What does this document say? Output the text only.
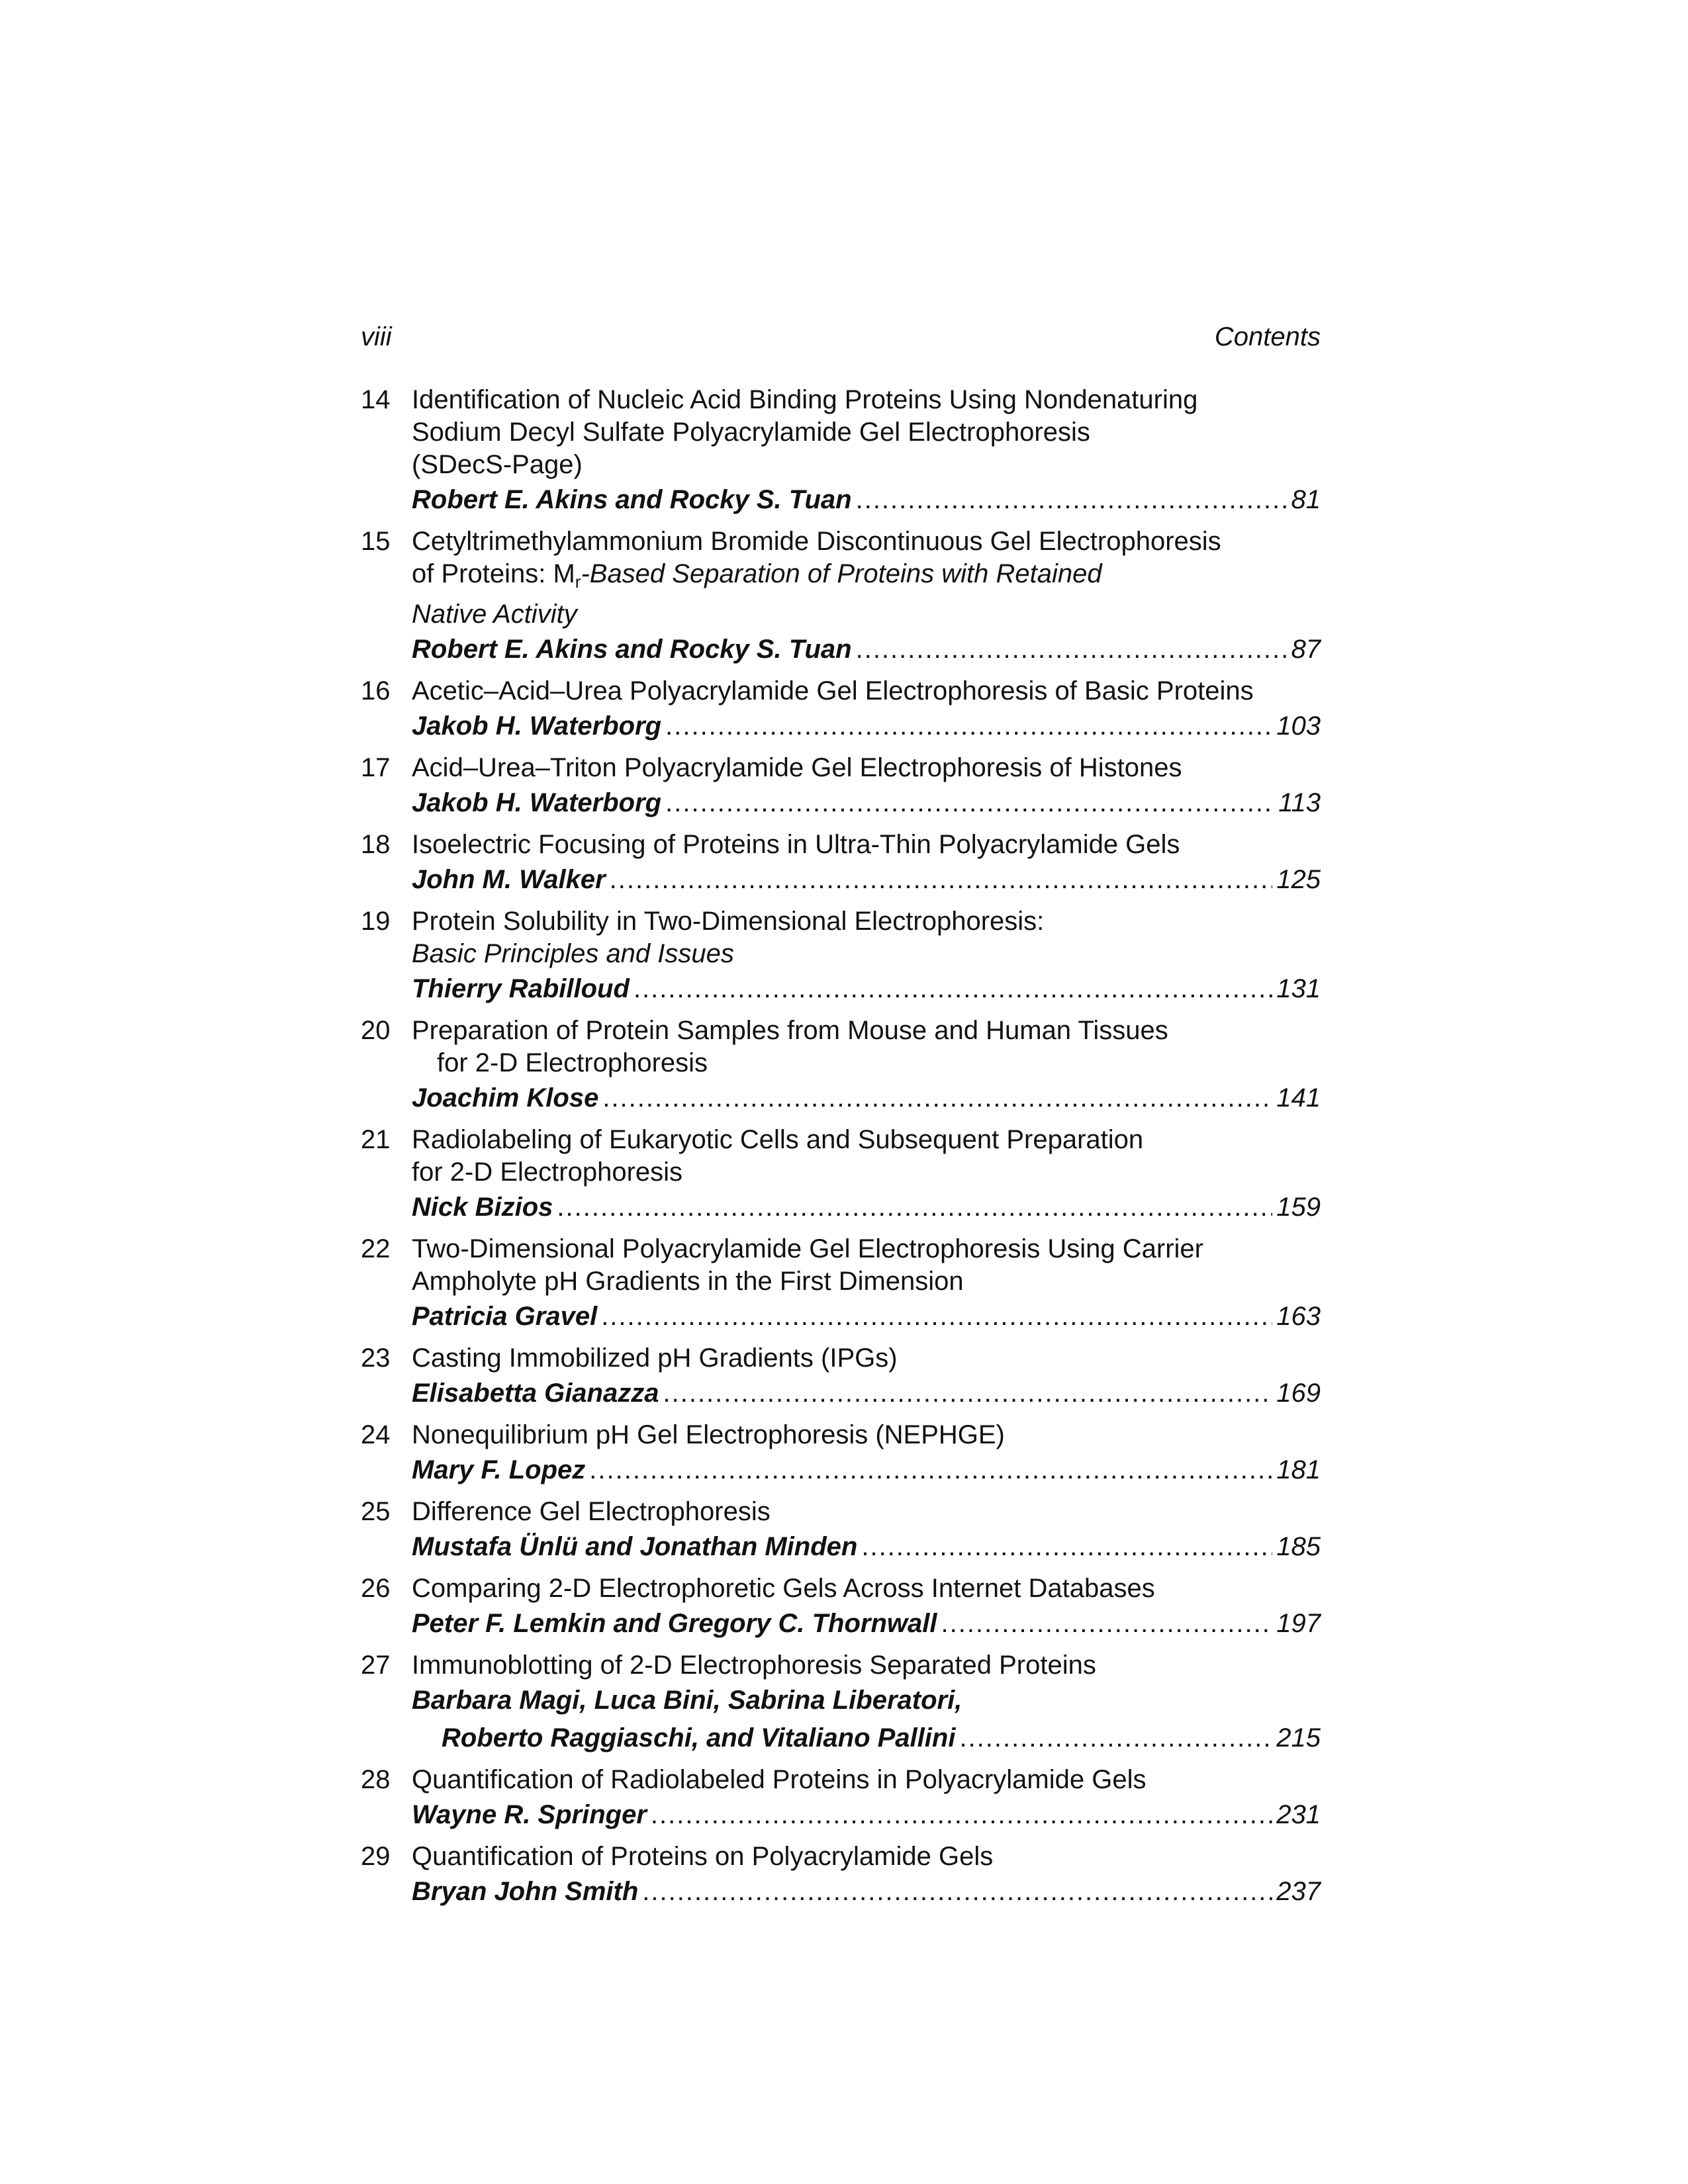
viii	Contents
14 Identification of Nucleic Acid Binding Proteins Using Nondenaturing
Sodium Decyl Sulfate Polyacrylamide Gel Electrophoresis
(SDecS-Page)
Robert E. Akins and Rocky S. Tuan .....	81
15 Cetyltrimethylammonium Bromide Discontinuous Gel Electrophoresis
of Proteins: $M_r$-Based Separation of Proteins with Retained
Native Activity
Robert E. Akins and Rocky S. Tuan .....	87
16 Acetic–Acid–Urea Polyacrylamide Gel Electrophoresis of Basic Proteins
Jakob H. Waterborg .....	103
17 Acid–Urea–Triton Polyacrylamide Gel Electrophoresis of Histones
Jakob H. Waterborg .....	113
18 Isoelectric Focusing of Proteins in Ultra-Thin Polyacrylamide Gels
John M. Walker .....	125
19 Protein Solubility in Two-Dimensional Electrophoresis:
Basic Principles and Issues
Thierry Rabilloud .....	131
20 Preparation of Protein Samples from Mouse and Human Tissues
for 2-D Electrophoresis
Joachim Klose .....	141
21 Radiolabeling of Eukaryotic Cells and Subsequent Preparation
for 2-D Electrophoresis
Nick Bizios .....	159
22 Two-Dimensional Polyacrylamide Gel Electrophoresis Using Carrier
Ampholyte pH Gradients in the First Dimension
Patricia Gravel .....	163
23 Casting Immobilized pH Gradients (IPGs)
Elisabetta Gianazza .....	169
24 Nonequilibrium pH Gel Electrophoresis (NEPHGE)
Mary F. Lopez .....	181
25 Difference Gel Electrophoresis
Mustafa Ünlü and Jonathan Minden .....	185
26 Comparing 2-D Electrophoretic Gels Across Internet Databases
Peter F. Lemkin and Gregory C. Thornwall .....	197
27 Immunoblotting of 2-D Electrophoresis Separated Proteins
Barbara Magi, Luca Bini, Sabrina Liberatori,
Roberto Raggiaschi, and Vitaliano Pallini .....	215
28 Quantification of Radiolabeled Proteins in Polyacrylamide Gels
Wayne R. Springer .....	231
29 Quantification of Proteins on Polyacrylamide Gels
Bryan John Smith .....	237
